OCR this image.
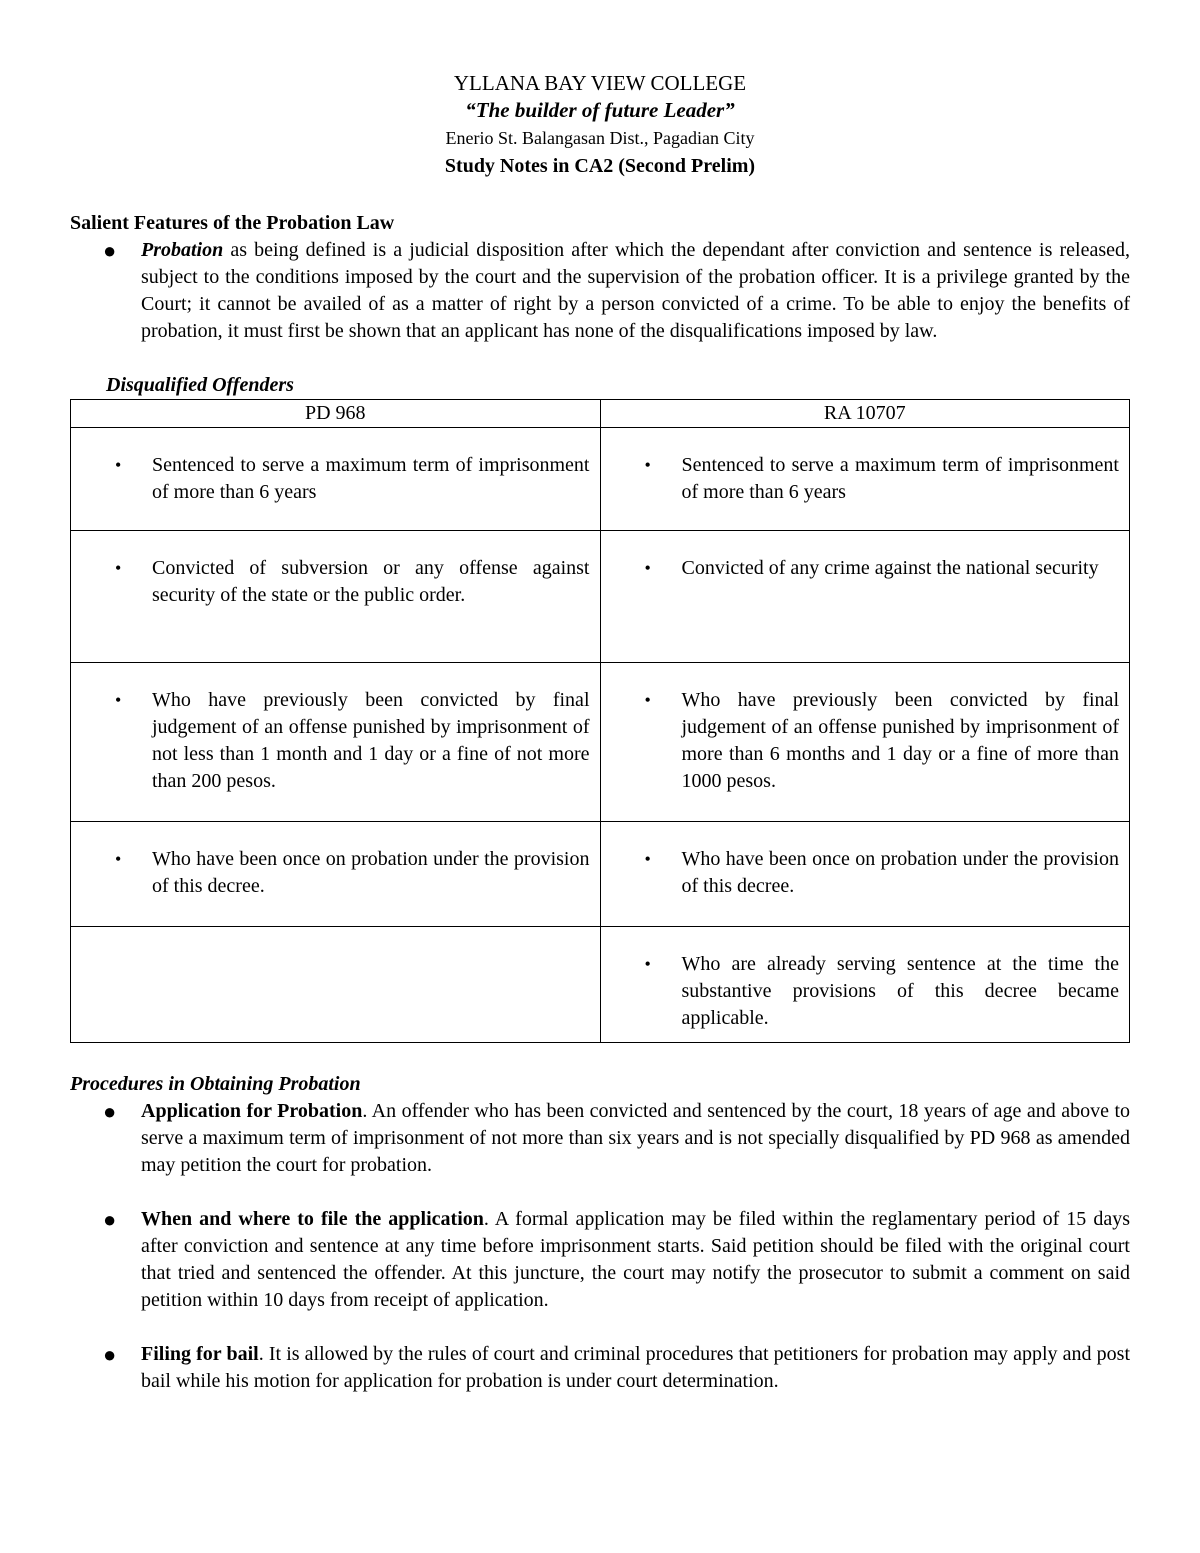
YLLANA BAY VIEW COLLEGE

“The builder of future Leader”

Enerio St. Balangasan Dist., Pagadian City

Study Notes in CA2 (Second Prelim)

Salient Features of the Probation Law

● Probation as being defined is a judicial disposition after which the dependant after conviction and sentence is released, subject to the conditions imposed by the court and the supervision of the probation officer. It is a privilege granted by the Court; it cannot be availed of as a matter of right by a person convicted of a crime. To be able to enjoy the benefits of probation, it must first be shown that an applicant has none of the disqualifications imposed by law.

Disqualified Offenders

PD 968	RA 10707

• Sentenced to serve a maximum term of imprisonment of more than 6 years	• Sentenced to serve a maximum term of imprisonment of more than 6 years

• Convicted of subversion or any offense against security of the state or the public order.	• Convicted of any crime against the national security

• Who have previously been convicted by final judgement of an offense punished by imprisonment of not less than 1 month and 1 day or a fine of not more than 200 pesos.	• Who have previously been convicted by final judgement of an offense punished by imprisonment of more than 6 months and 1 day or a fine of more than 1000 pesos.

• Who have been once on probation under the provision of this decree.	• Who have been once on probation under the provision of this decree.

	• Who are already serving sentence at the time the substantive provisions of this decree became applicable.

Procedures in Obtaining Probation

● Application for Probation. An offender who has been convicted and sentenced by the court, 18 years of age and above to serve a maximum term of imprisonment of not more than six years and is not specially disqualified by PD 968 as amended may petition the court for probation.
● When and where to file the application. A formal application may be filed within the reglamentary period of 15 days after conviction and sentence at any time before imprisonment starts. Said petition should be filed with the original court that tried and sentenced the offender. At this juncture, the court may notify the prosecutor to submit a comment on said petition within 10 days from receipt of application.
● Filing for bail. It is allowed by the rules of court and criminal procedures that petitioners for probation may apply and post bail while his motion for application for probation is under court determination.
